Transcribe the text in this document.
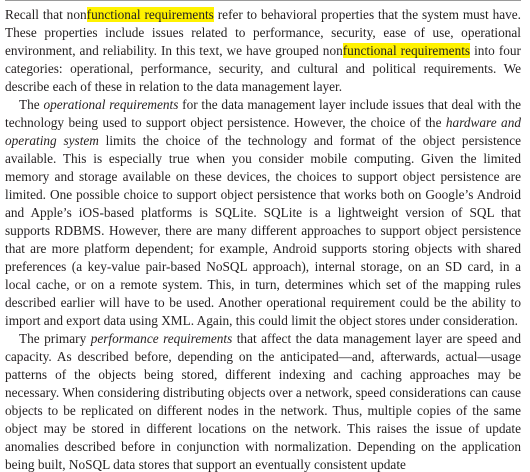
Recall that nonfunctional requirements refer to behavioral properties that the system must have. These properties include issues related to performance, security, ease of use, operational environment, and reliability. In this text, we have grouped nonfunctional requirements into four categories: operational, performance, security, and cultural and political requirements. We describe each of these in relation to the data management layer.

The operational requirements for the data management layer include issues that deal with the technology being used to support object persistence. However, the choice of the hardware and operating system limits the choice of the technology and format of the object persistence available. This is especially true when you consider mobile computing. Given the limited memory and storage available on these devices, the choices to support object persistence are limited. One possible choice to support object persistence that works both on Google’s Android and Apple’s iOS-based platforms is SQLite. SQLite is a lightweight version of SQL that supports RDBMS. However, there are many different approaches to support object persistence that are more platform dependent; for example, Android supports storing objects with shared preferences (a key-value pair-based NoSQL approach), internal storage, on an SD card, in a local cache, or on a remote system. This, in turn, determines which set of the mapping rules described earlier will have to be used. Another operational requirement could be the ability to import and export data using XML. Again, this could limit the object stores under consideration.

The primary performance requirements that affect the data management layer are speed and capacity. As described before, depending on the anticipated—and, afterwards, actual—usage patterns of the objects being stored, different indexing and caching approaches may be necessary. When considering distributing objects over a network, speed considerations can cause objects to be replicated on different nodes in the network. Thus, multiple copies of the same object may be stored in different locations on the network. This raises the issue of update anomalies described before in conjunction with normalization. Depending on the application being built, NoSQL data stores that support an eventually consistent update
